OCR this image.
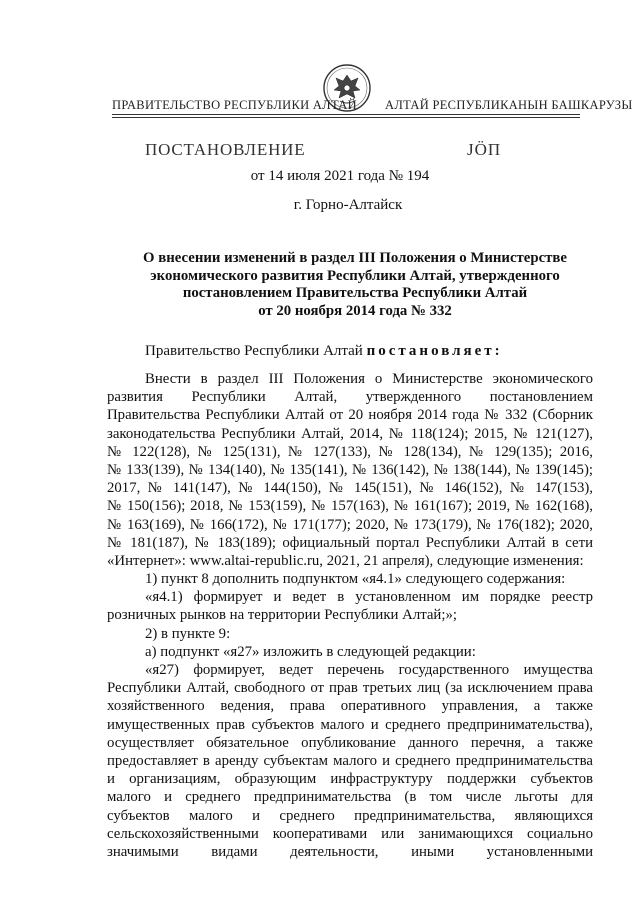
ПРАВИТЕЛЬСТВО РЕСПУБЛИКИ АЛТАЙ АЛТАЙ РЕСПУБЛИКАНЫН БАШКАРУЗЫ
ПОСТАНОВЛЕНИЕ	ЈӦП
от 14 июля 2021 года № 194
г. Горно-Алтайск
О внесении изменений в раздел III Положения о Министерстве
экономического развития Республики Алтай, утвержденного
постановлением Правительства Республики Алтай
от 20 ноября 2014 года № 332
Правительство Республики Алтай постановляет:
Внести в раздел III Положения о Министерстве экономического
развития Республики Алтай, утвержденного постановлением
Правительства Республики Алтай от 20 ноября 2014 года № 332 (Сборник
законодательства Республики Алтай, 2014, № 118(124); 2015, № 121(127),
№ 122(128), № 125(131), № 127(133), № 128(134), № 129(135); 2016,
№ 133(139), № 134(140), № 135(141), № 136(142), № 138(144), № 139(145);
2017, № 141(147), № 144(150), № 145(151), № 146(152), № 147(153),
№ 150(156); 2018, № 153(159), № 157(163), № 161(167); 2019, № 162(168),
№ 163(169), № 166(172), № 171(177); 2020, № 173(179), № 176(182); 2020,
№ 181(187), № 183(189); официальный портал Республики Алтай в сети
«Интернет»: www.altai-republic.ru, 2021, 21 апреля), следующие изменения:
1) пункт 8 дополнить подпунктом «я4.1» следующего содержания:
«я4.1) формирует и ведет в установленном им порядке реестр
розничных рынков на территории Республики Алтай;»;
2) в пункте 9:
а) подпункт «я27» изложить в следующей редакции:
«я27) формирует, ведет перечень государственного имущества
Республики Алтай, свободного от прав третьих лиц (за исключением права
хозяйственного ведения, права оперативного управления, а также
имущественных прав субъектов малого и среднего предпринимательства),
осуществляет обязательное опубликование данного перечня, а также
предоставляет в аренду субъектам малого и среднего предпринимательства
и организациям, образующим инфраструктуру поддержки субъектов
малого и среднего предпринимательства (в том числе льготы для
субъектов малого и среднего предпринимательства, являющихся
сельскохозяйственными кооперативами или занимающихся социально
значимыми видами деятельности, иными установленными
